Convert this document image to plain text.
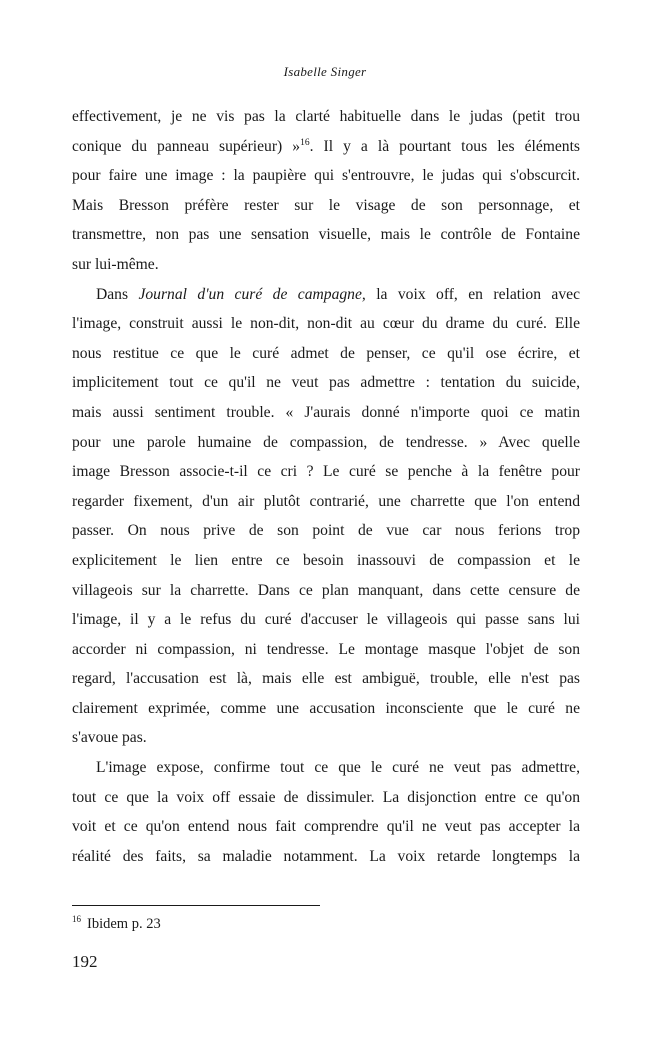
Isabelle Singer
effectivement, je ne vis pas la clarté habituelle dans le judas (petit trou
conique du panneau supérieur) »$^{16}$. Il y a là pourtant tous les éléments
pour faire une image : la paupière qui s'entrouvre, le judas qui s'obscurcit.
Mais Bresson préfère rester sur le visage de son personnage, et
transmettre, non pas une sensation visuelle, mais le contrôle de Fontaine
sur lui-même.
Dans Journal d'un curé de campagne, la voix off, en relation avec
l'image, construit aussi le non-dit, non-dit au cœur du drame du curé. Elle
nous restitue ce que le curé admet de penser, ce qu'il ose écrire, et
implicitement tout ce qu'il ne veut pas admettre : tentation du suicide,
mais aussi sentiment trouble. « J'aurais donné n'importe quoi ce matin
pour une parole humaine de compassion, de tendresse. » Avec quelle
image Bresson associe-t-il ce cri ? Le curé se penche à la fenêtre pour
regarder fixement, d'un air plutôt contrarié, une charrette que l'on entend
passer. On nous prive de son point de vue car nous ferions trop
explicitement le lien entre ce besoin inassouvi de compassion et le
villageois sur la charrette. Dans ce plan manquant, dans cette censure de
l'image, il y a le refus du curé d'accuser le villageois qui passe sans lui
accorder ni compassion, ni tendresse. Le montage masque l'objet de son
regard, l'accusation est là, mais elle est ambiguë, trouble, elle n'est pas
clairement exprimée, comme une accusation inconsciente que le curé ne
s'avoue pas.
L'image expose, confirme tout ce que le curé ne veut pas admettre,
tout ce que la voix off essaie de dissimuler. La disjonction entre ce qu'on
voit et ce qu'on entend nous fait comprendre qu'il ne veut pas accepter la
réalité des faits, sa maladie notamment. La voix retarde longtemps la
$^{16}$ Ibidem p. 23
192
